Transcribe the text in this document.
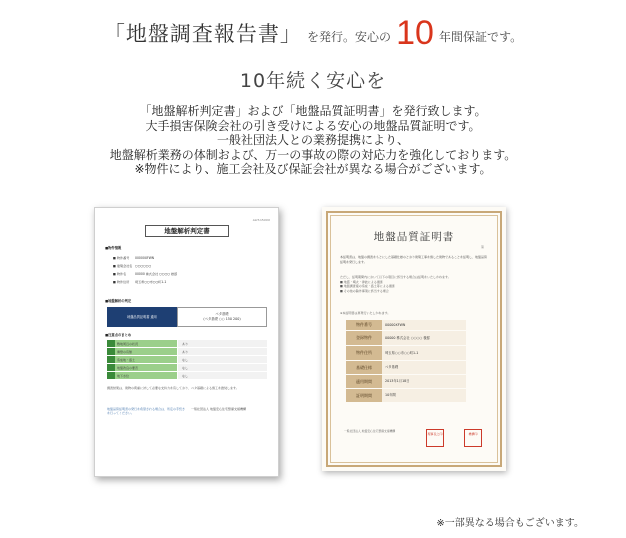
「地盤調査報告書」 を発行。安心の 10 年間保証です。
10年続く安心を
「地盤解析判定書」および「地盤品質証明書」を発行致します。
大手損害保険会社の引き受けによる安心の地盤品質証明です。
一般社団法人との業務提携により、
地盤解析業務の体制および、万一の事故の際の対応力を強化しております。
※物件により、施工会社及び保証会社が異なる場合がございます。
ALIT-15XXX
地盤解析判定書
■物件情報
■ 物件番号 00000XFWN
■ 建築会社名 ○○○○○○
■ 物件名	00000 株式会社 ○○○○ 様邸
■ 物件住所 埼玉県○○市○○町1-1
■地盤解析の判定
地盤品質証明書 適用
ベタ基礎
(ベタ基礎 ○○ 150 200)
■注意点のまとめ
敷地周辺の状況	あり
擁壁の有無	あり
造成地・盛土	なし
地盤改良の要否	なし
地下水位	なし
調査結果は、建物の荷重に対して必要な支持力を有しており、ベタ基礎による施工を推奨します。
地盤品質証明書の発行を希望される場合は、所定の手続きを行ってください。
一般社団法人 地盤安心住宅整備支援機構
地盤品質証明書
第
本証明書は、地盤の調査をもとにした基礎仕様のとおり建築工事を施した建物であることを証明し、地盤品質証明を発行します。
ただし、証明期間内において以下の項目に該当する場合は証明をいたしかねます。
■ 地震・噴火・津波による損害
■ 地盤調査後の造成・盛土等による損害
■ その他の除外事項に該当する場合
※本証明書は再発行いたしかねます。
物件番号	00000XFWN
登録物件	00000 株式会社 ○○○○ 様邸
物件住所	埼玉県○○市○○町1-1
基礎仕様	ベタ基礎
適用期間	2013年1月18日
証明期間	10年間
一般社団法人 地盤安心住宅整備支援機構
理事長之印	機構印
※一部異なる場合もございます。
